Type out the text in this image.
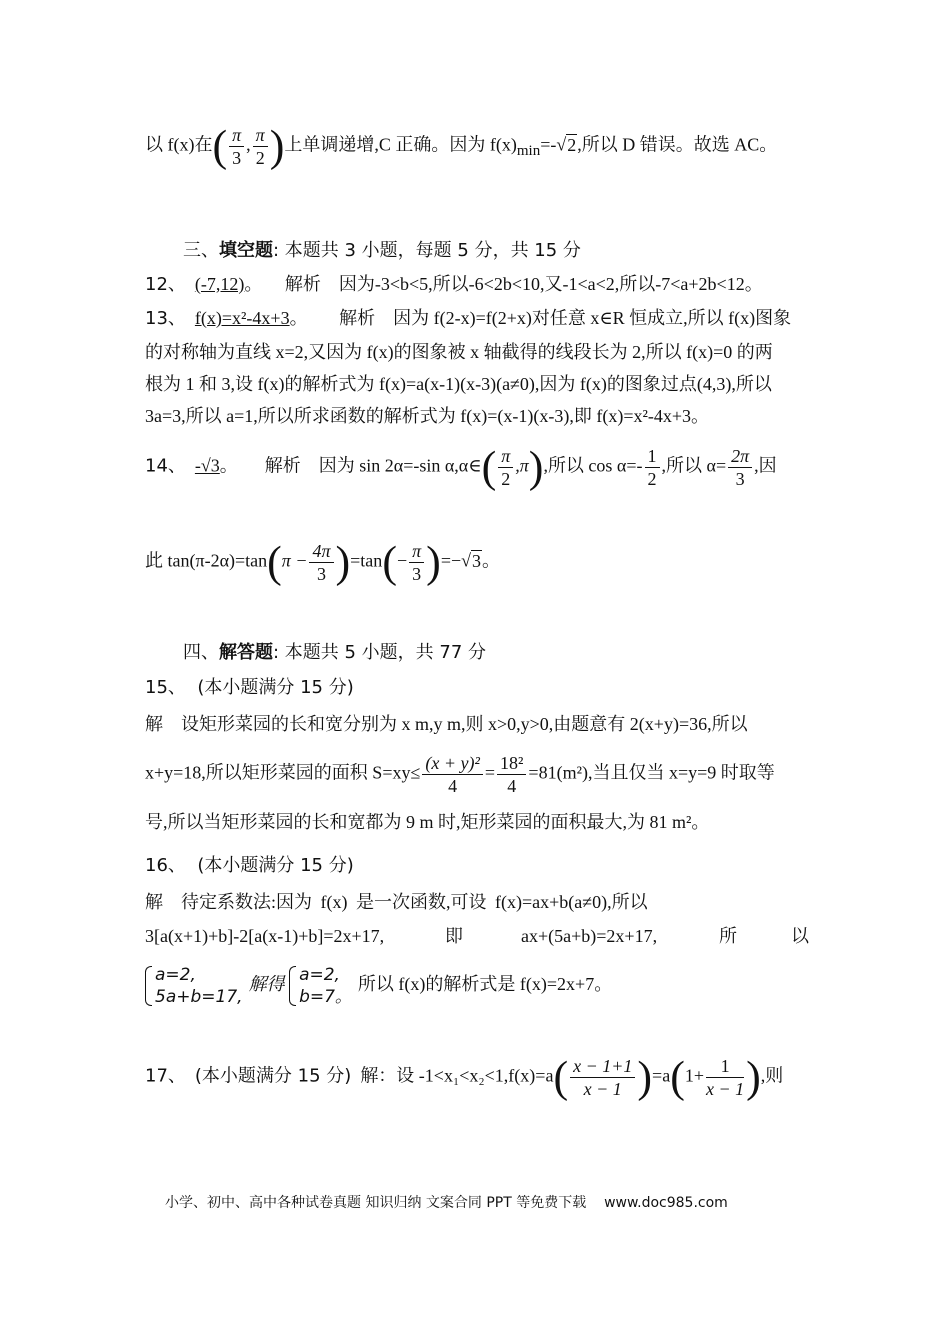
以 f(x)在( $\frac{\pi}{3}$ , $\frac{\pi}{2}$ )上单调递增,C 正确。因为 $f(x)_{min}=-√2$,所以 D 错误。故选 AC。
三、填空题: 本题共 3 小题，每题 5 分，共 15 分
12、 (-7,12)。 解析 因为-3<b<5,所以-6<2b<10,又-1<a<2,所以-7<a+2b<12。
13、 f(x)=x²-4x+3。 解析 因为 f(2-x)=f(2+x)对任意 x∈R 恒成立,所以 f(x)图象
的对称轴为直线 x=2,又因为 f(x)的图象被 x 轴截得的线段长为 2,所以 f(x)=0 的两
根为 1 和 3,设 f(x)的解析式为 f(x)=a(x-1)(x-3)(a≠0),因为 f(x)的图象过点(4,3),所以
3a=3,所以 a=1,所以所求函数的解析式为 f(x)=(x-1)(x-3),即 f(x)=x²-4x+3。
14、 -√3。 解析 因为 sin 2α=-sin α,α∈( $\frac{\pi}{2} ,\pi$),所以 $\cos \alpha=- \frac{1}{2}$ ,所以 $\alpha= \frac{2\pi}{3}$ ,因
此 $\tan(\pi-2\alpha)=\tan(\pi - \frac{4\pi}{3} )=\tan(- \frac{\pi}{3} )=-√3$。
四、解答题: 本题共 5 小题，共 77 分
15、 (本小题满分 15 分)
解　设矩形菜园的长和宽分别为 x m,y m,则 x>0,y>0,由题意有 2(x+y)=36,所以
x+y=18,所以矩形菜园的面积 $S=xy\le \frac{\text{(x + y)²}}{4} = \frac{\text{18²}}{4} =81(m^2)$,当且仅当 x=y=9 时取等
号,所以当矩形菜园的长和宽都为 9 m 时,矩形菜园的面积最大,为 81 m²。
16、 (本小题满分 15 分)
解　待定系数法:因为 f(x) 是一次函数,可设 f(x)=ax+b(a≠0),所以
3[a(x+1)+b]-2[a(x-1)+b]=2x+17,	即	ax+(5a+b)=2x+17,	所	以
a=2,
5a+b=17,
解得 a=2,
b=7。
所以 f(x)的解析式是 f(x)=2x+7。
17、 (本小题满分 15 分) 解：设 $-1<x_1<x_2<1,f(x)=a( \frac{x - 1+1}{x - 1} )=a(1+ \frac{1}{x - 1}$ ),则
小学、初中、高中各种试卷真题 知识归纳 文案合同 PPT 等免费下载 www.doc985.com
